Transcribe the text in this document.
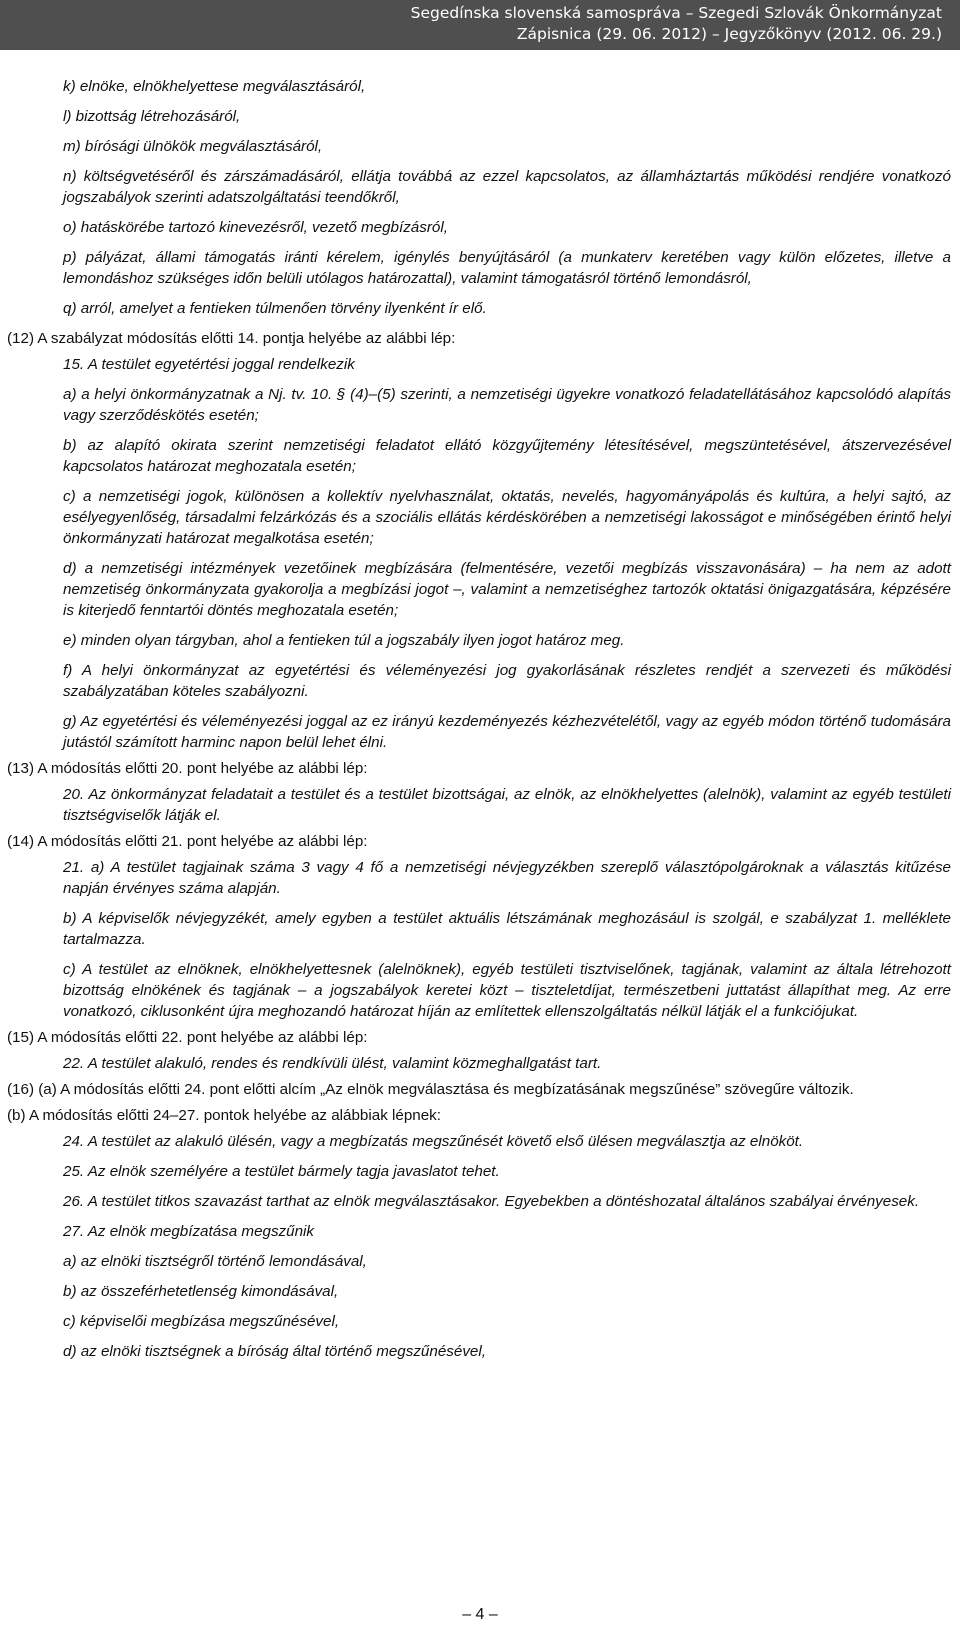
Segedínska slovenská samospráva – Szegedi Szlovák Önkormányzat
Zápisnica (29. 06. 2012) – Jegyzőkönyv (2012. 06. 29.)

k) elnöke, elnökhelyettese megválasztásáról,

l) bizottság létrehozásáról,

m) bírósági ülnökök megválasztásáról,

n) költségvetéséről és zárszámadásáról, ellátja továbbá az ezzel kapcsolatos, az államháztartás működési rendjére vonatkozó jogszabályok szerinti adatszolgáltatási teendőkről,

o) hatáskörébe tartozó kinevezésről, vezető megbízásról,

p) pályázat, állami támogatás iránti kérelem, igénylés benyújtásáról (a munkaterv keretében vagy külön előzetes, illetve a lemondáshoz szükséges időn belüli utólagos határozattal), valamint támogatásról történő lemondásról,

q) arról, amelyet a fentieken túlmenően törvény ilyenként ír elő.

(12) A szabályzat módosítás előtti 14. pontja helyébe az alábbi lép:

15. A testület egyetértési joggal rendelkezik

a) a helyi önkormányzatnak a Nj. tv. 10. § (4)–(5) szerinti, a nemzetiségi ügyekre vonatkozó feladatellátásához kapcsolódó alapítás vagy szerződéskötés esetén;

b) az alapító okirata szerint nemzetiségi feladatot ellátó közgyűjtemény létesítésével, megszüntetésével, átszervezésével kapcsolatos határozat meghozatala esetén;

c) a nemzetiségi jogok, különösen a kollektív nyelvhasználat, oktatás, nevelés, hagyományápolás és kultúra, a helyi sajtó, az esélyegyenlőség, társadalmi felzárkózás és a szociális ellátás kérdéskörében a nemzetiségi lakosságot e minőségében érintő helyi önkormányzati határozat megalkotása esetén;

d) a nemzetiségi intézmények vezetőinek megbízására (felmentésére, vezetői megbízás visszavonására) – ha nem az adott nemzetiség önkormányzata gyakorolja a megbízási jogot –, valamint a nemzetiséghez tartozók oktatási önigazgatására, képzésére is kiterjedő fenntartói döntés meghozatala esetén;

e) minden olyan tárgyban, ahol a fentieken túl a jogszabály ilyen jogot határoz meg.

f) A helyi önkormányzat az egyetértési és véleményezési jog gyakorlásának részletes rendjét a szervezeti és működési szabályzatában köteles szabályozni.

g) Az egyetértési és véleményezési joggal az ez irányú kezdeményezés kézhezvételétől, vagy az egyéb módon történő tudomására jutástól számított harminc napon belül lehet élni.

(13) A módosítás előtti 20. pont helyébe az alábbi lép:

20. Az önkormányzat feladatait a testület és a testület bizottságai, az elnök, az elnökhelyettes (alelnök), valamint az egyéb testületi tisztségviselők látják el.

(14) A módosítás előtti 21. pont helyébe az alábbi lép:

21. a) A testület tagjainak száma 3 vagy 4 fő a nemzetiségi névjegyzékben szereplő választópolgároknak a választás kitűzése napján érvényes száma alapján.

b) A képviselők névjegyzékét, amely egyben a testület aktuális létszámának meghozásául is szolgál, e szabályzat 1. melléklete tartalmazza.

c) A testület az elnöknek, elnökhelyettesnek (alelnöknek), egyéb testületi tisztviselőnek, tagjának, valamint az általa létrehozott bizottság elnökének és tagjának – a jogszabályok keretei közt – tiszteletdíjat, természetbeni juttatást állapíthat meg. Az erre vonatkozó, ciklusonként újra meghozandó határozat híján az említettek ellenszolgáltatás nélkül látják el a funkciójukat.

(15) A módosítás előtti 22. pont helyébe az alábbi lép:

22. A testület alakuló, rendes és rendkívüli ülést, valamint közmeghallgatást tart.

(16) (a) A módosítás előtti 24. pont előtti alcím „Az elnök megválasztása és megbízatásának megszűnése” szövegűre változik.

(b) A módosítás előtti 24–27. pontok helyébe az alábbiak lépnek:

24. A testület az alakuló ülésén, vagy a megbízatás megszűnését követő első ülésen megválasztja az elnököt.

25. Az elnök személyére a testület bármely tagja javaslatot tehet.

26. A testület titkos szavazást tarthat az elnök megválasztásakor. Egyebekben a döntéshozatal általános szabályai érvényesek.

27. Az elnök megbízatása megszűnik

a) az elnöki tisztségről történő lemondásával,

b) az összeférhetetlenség kimondásával,

c) képviselői megbízása megszűnésével,

d) az elnöki tisztségnek a bíróság által történő megszűnésével,

– 4 –
